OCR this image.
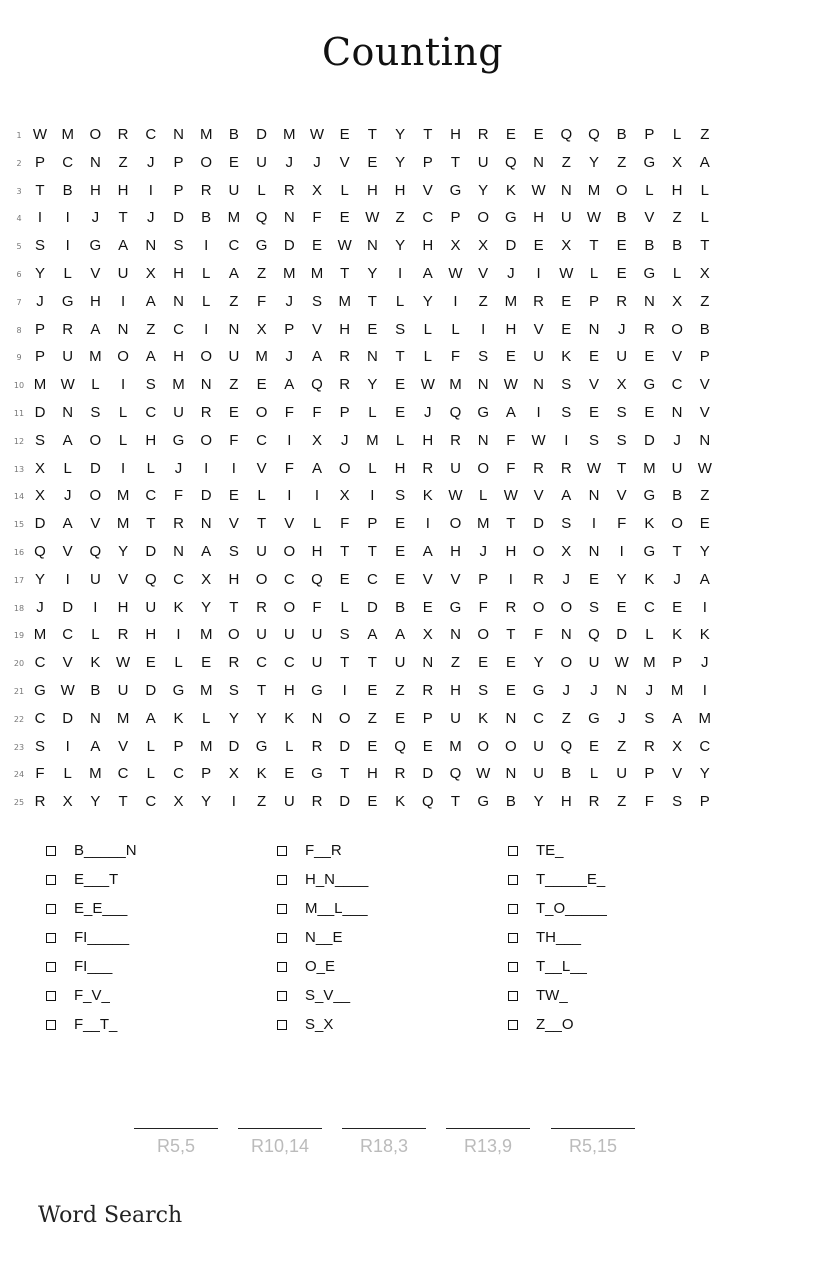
Counting
1 W M	O	R	C	N	M	B	D	M W	E	T	Y	T	H	R	E	E	Q	Q	B	P	L	Z
2 P	C	N	Z	J	P	O	E	U	J	J	V	E	Y	P	T	U	Q	N	Z	Y	Z	G	X	A
3 T	B	H	H	I	P	R	U	L	R	X	L	H	H	V	G	Y	K	W	N	M	O	L	H	L
4	I	I	J	T	J	D	B	M	Q	N	F	E	W	Z	C	P	O	G	H	U	W	B	V	Z	L
5 S	I	G	A	N	S	I	C	G	D	E	W	N	Y	H	X	X	D	E	X	T	E	B	B	T
6 Y	L	V	U	X	H	L	A	Z	M	M	T	Y	I	A	W	V	J	I	W	L	E	G	L	X
7 J	G	H	I	A	N	L	Z	F	J	S	M	T	L	Y	I	Z	M	R	E	P	R	N	X	Z
8 P	R	A	N	Z	C	I	N	X	P	V	H	E	S	L	L	I	H	V	E	N	J	R	O	B
9 P	U	M	O	A	H	O	U	M	J	A	R	N	T	L	F	S	E	U	K	E	U	E	V	P
10 M W	L	I	S	M	N	Z	E	A	Q	R	Y	E	W M	N	W	N	S	V	X	G	C	V
11 D	N	S	L	C	U	R	E	O	F	F	P	L	E	J	Q	G	A	I	S	E	S	E	N	V
12 S	A	O	L	H	G	O	F	C	I	X	J	M	L	H	R	N	F	W	I	S	S	D	J	N
13 X	L	D	I	L	J	I	I	V	F	A	O	L	H	R	U	O	F	R	R	W	T	M	U	W
14 X	J	O	M	C	F	D	E	L	I	I	X	I	S	K	W	L	W	V	A	N	V	G	B	Z
15 D	A	V	M	T	R	N	V	T	V	L	F	P	E	I	O	M	T	D	S	I	F	K	O	E
16 Q	V	Q	Y	D	N	A	S	U	O	H	T	T	E	A	H	J	H	O	X	N	I	G	T	Y
17 Y	I	U	V	Q	C	X	H	O	C	Q	E	C	E	V	V	P	I	R	J	E	Y	K	J	A
18 J	D	I	H	U	K	Y	T	R	O	F	L	D	B	E	G	F	R	O	O	S	E	C	E	I
19 M	C	L	R	H	I	M	O	U	U	U	S	A	A	X	N	O	T	F	N	Q	D	L	K	K
20 C	V	K	W	E	L	E	R	C	C	U	T	T	U	N	Z	E	E	Y	O	U	W M	P	J
21 G W	B	U	D	G	M	S	T	H	G	I	E	Z	R	H	S	E	G	J	J	N	J	M	I
22 C	D	N	M	A	K	L	Y	Y	K	N	O	Z	E	P	U	K	N	C	Z	G	J	S	A	M
23 S	I	A	V	L	P	M	D	G	L	R	D	E	Q	E	M	O	O	U	Q	E	Z	R	X	C
24 F	L	M	C	L	C	P	X	K	E	G	T	H	R	D	Q W	N	U	B	L	U	P	V	Y
25 R	X	Y	T	C	X	Y	I	Z	U	R	D	E	K	Q	T	G	B	Y	H	R	Z	F	S	P
B_____N
E___T
E_E___
FI_____
FI___
F_V_
F__T_
F__R
H_N____
M__L___
N__E
O_E
S_V__
S_X
TE_
T_____E_
T_O_____
TH___
T__L__
TW_
Z__O
R5,5	R10,14	R18,3	R13,9	R5,15
Word Search
